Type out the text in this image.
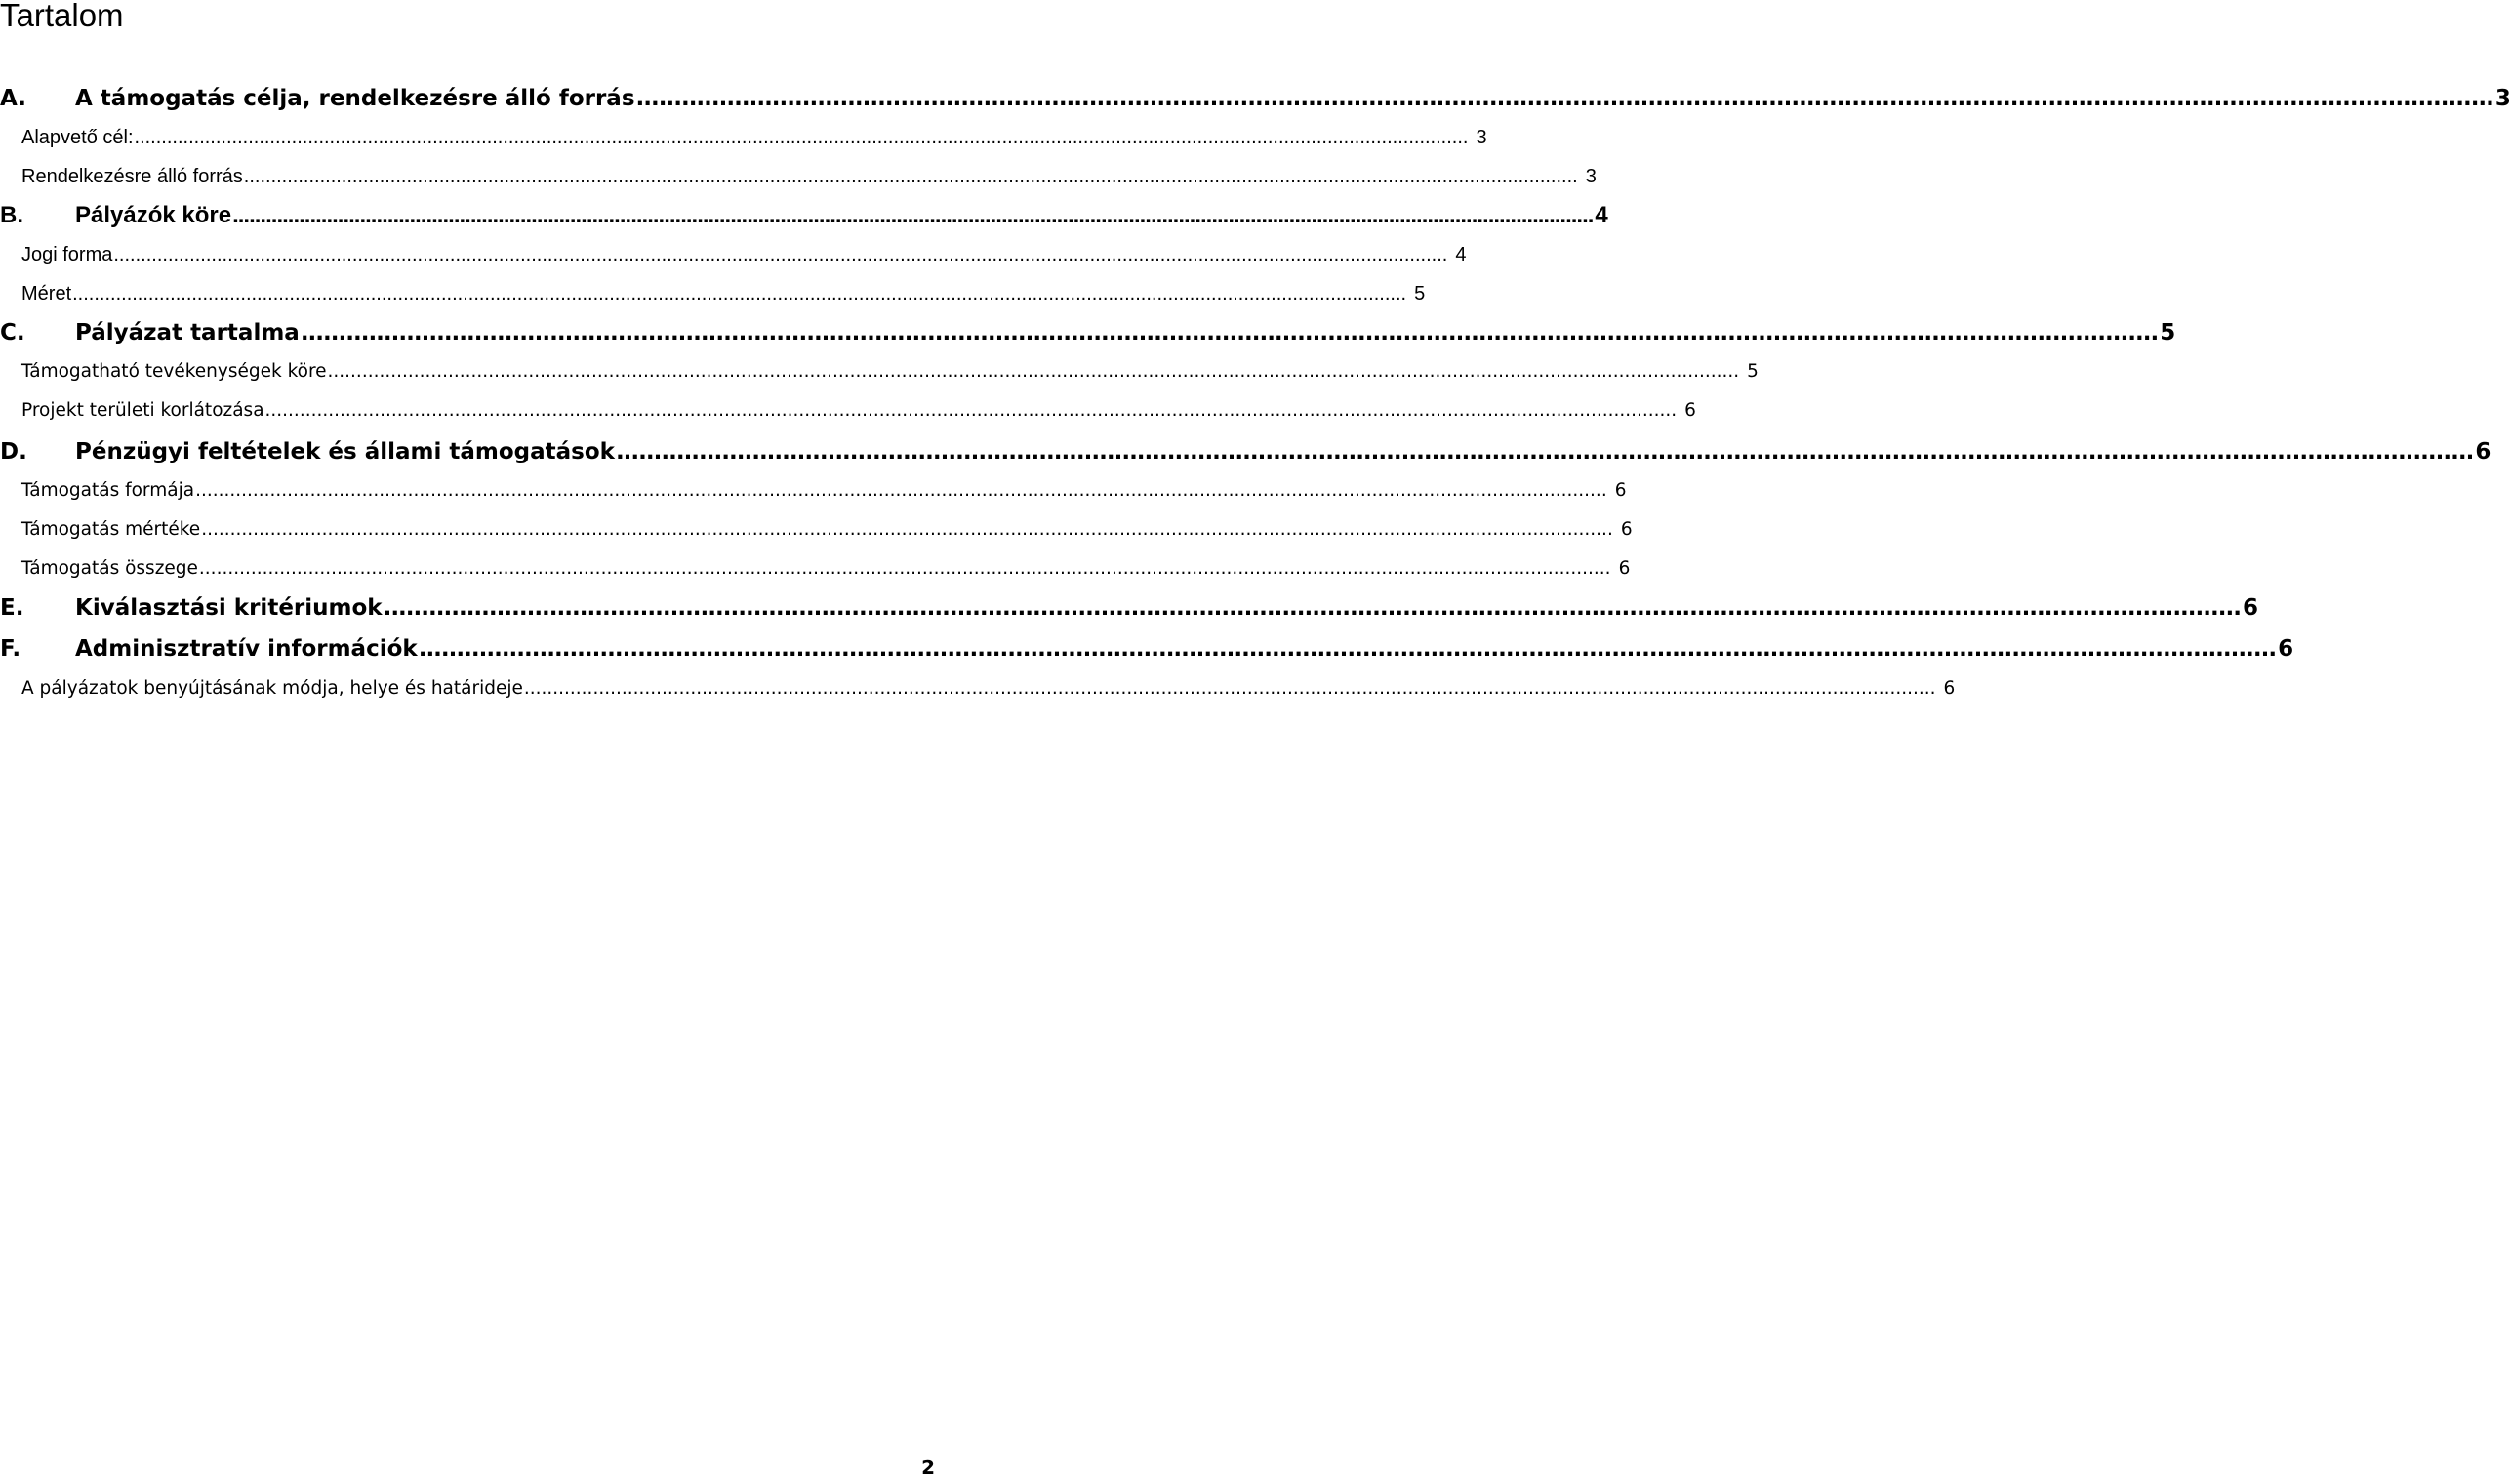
Tartalom
A.	A támogatás célja, rendelkezésre álló forrás ...................................................................................................................................................................................................................................................... 3
Alapvető cél: ...................................................................................................................................................................................................................................................... 3
Rendelkezésre álló forrás ...................................................................................................................................................................................................................................................... 3
B.	Pályázók köre ...................................................................................................................................................................................................................................................... 4
Jogi forma ...................................................................................................................................................................................................................................................... 4
Méret ...................................................................................................................................................................................................................................................... 5
C.	Pályázat tartalma ...................................................................................................................................................................................................................................................... 5
Támogatható tevékenységek köre ...................................................................................................................................................................................................................................................... 5
Projekt területi korlátozása ...................................................................................................................................................................................................................................................... 6
D.	Pénzügyi feltételek és állami támogatások ...................................................................................................................................................................................................................................................... 6
Támogatás formája ...................................................................................................................................................................................................................................................... 6
Támogatás mértéke ...................................................................................................................................................................................................................................................... 6
Támogatás összege ...................................................................................................................................................................................................................................................... 6
E.	Kiválasztási kritériumok ...................................................................................................................................................................................................................................................... 6
F.	Adminisztratív információk ...................................................................................................................................................................................................................................................... 6
A pályázatok benyújtásának módja, helye és határideje ...................................................................................................................................................................................................................................................... 6
2
